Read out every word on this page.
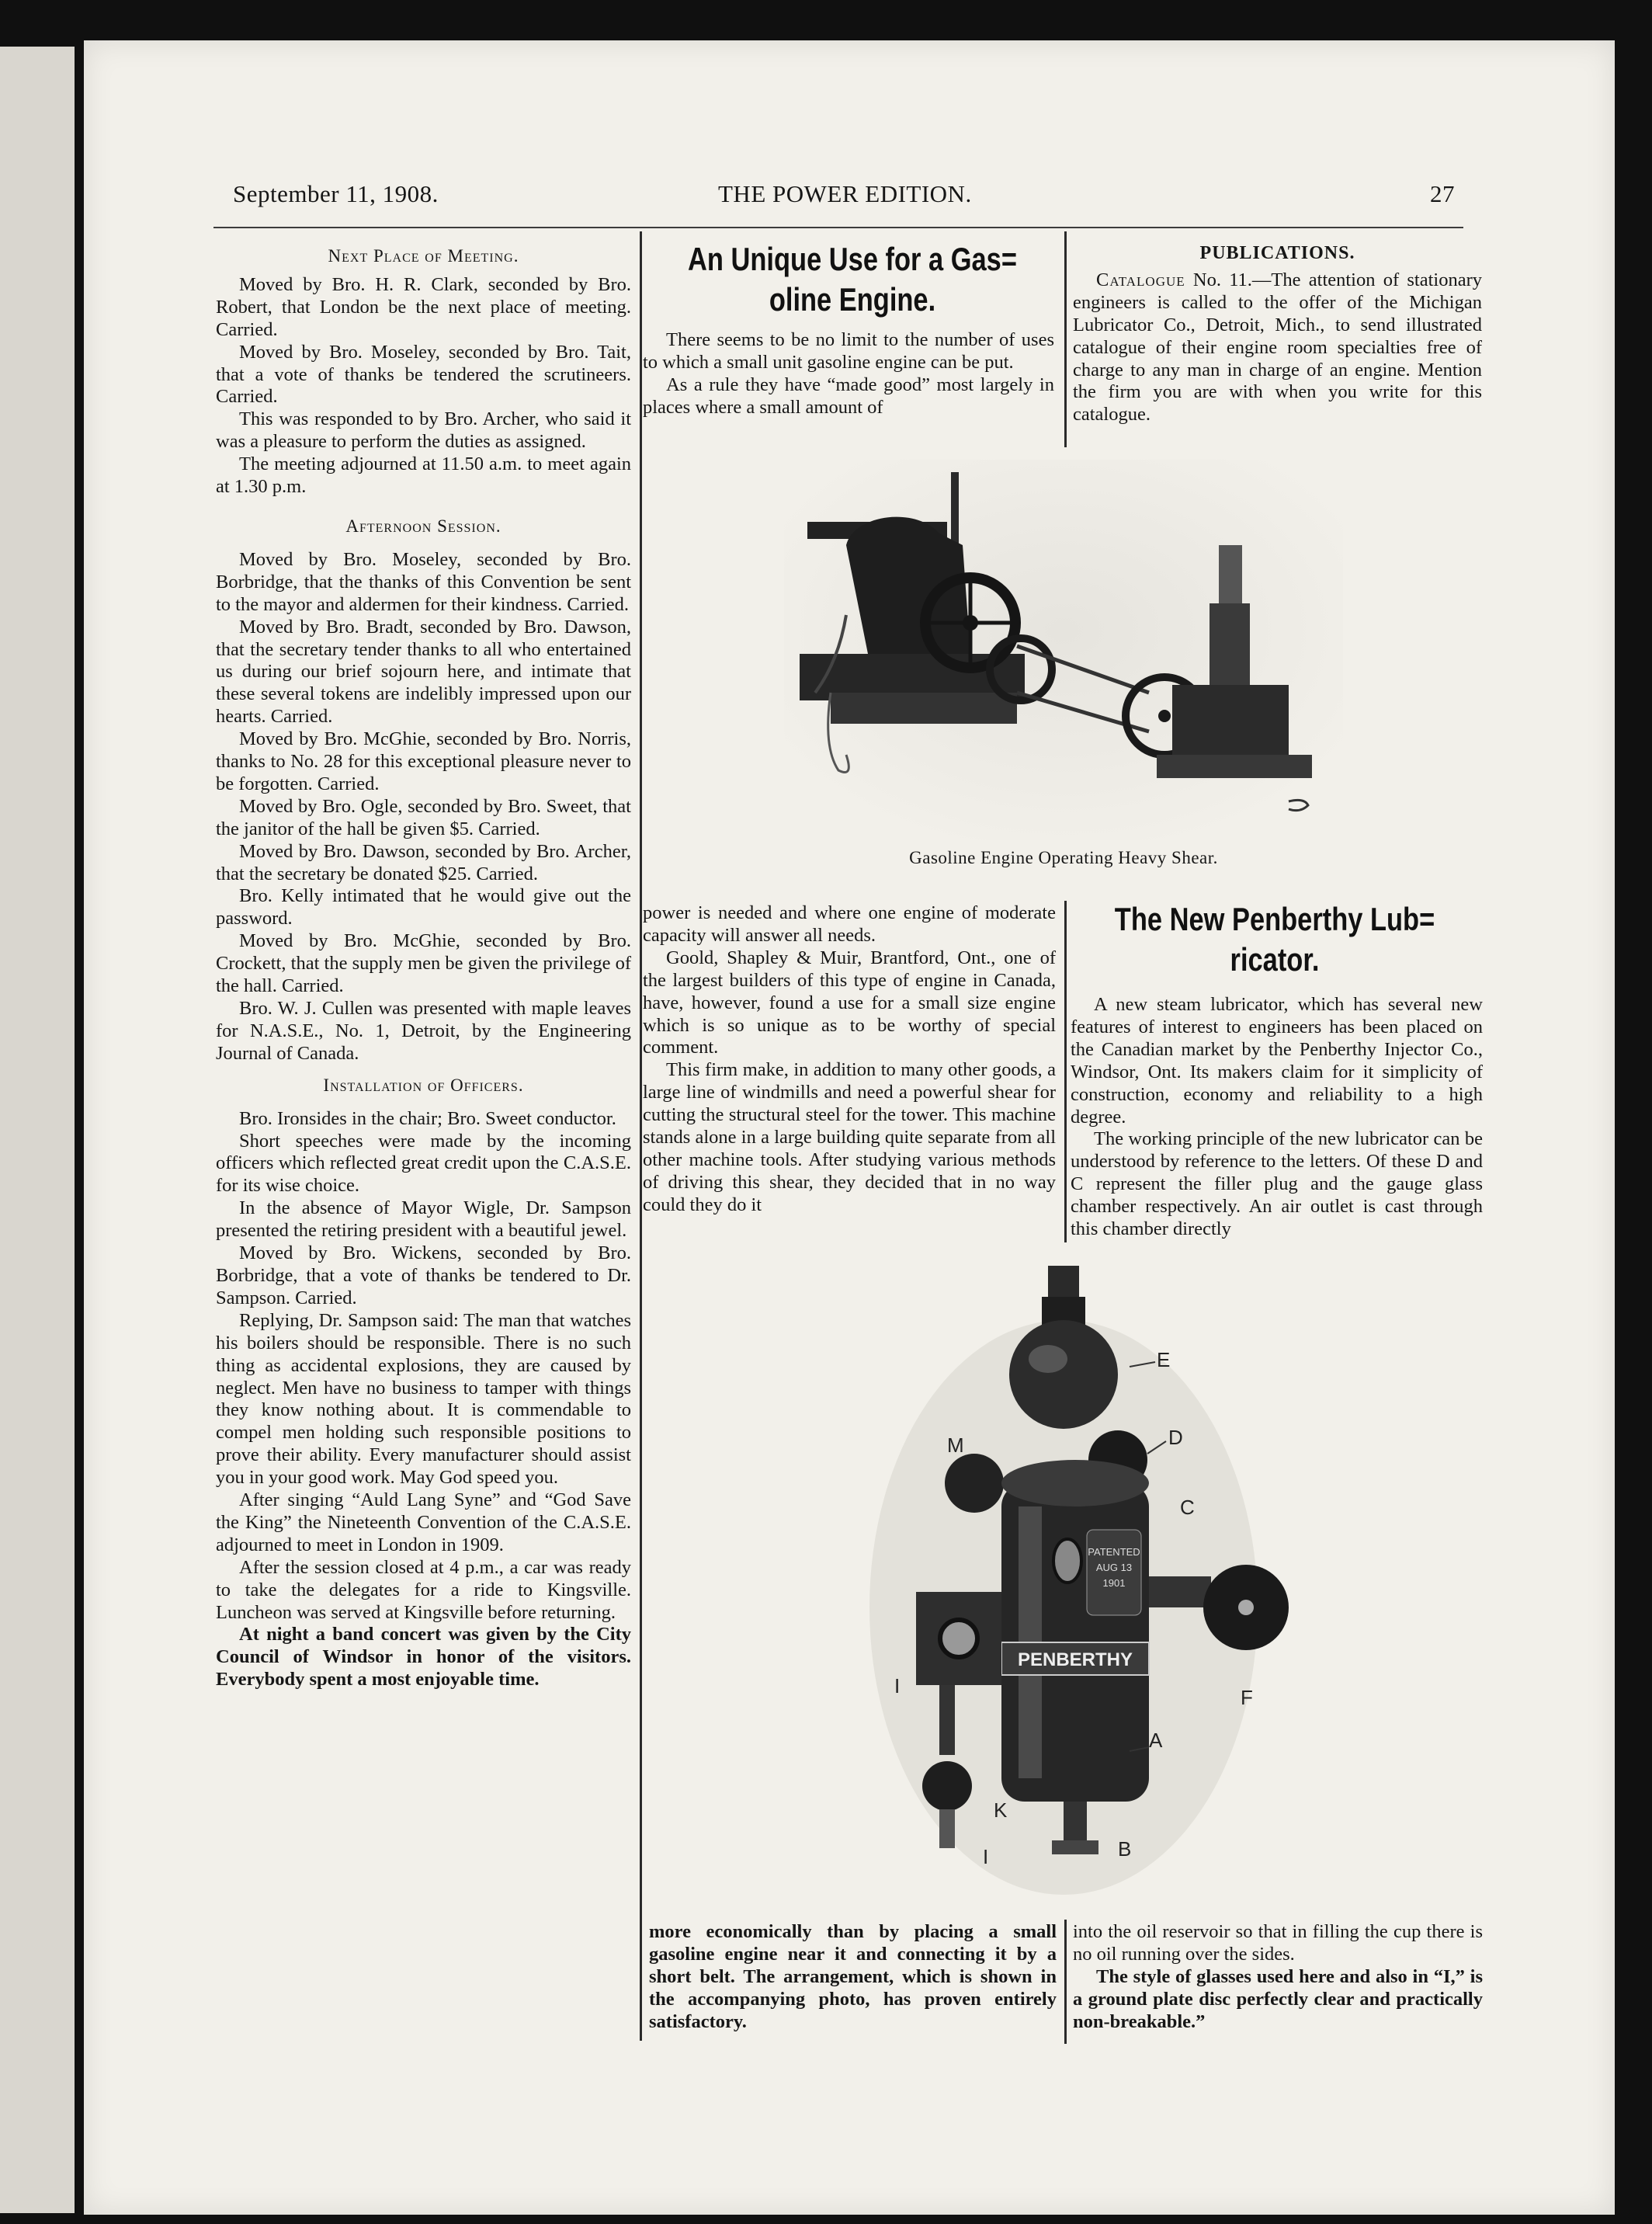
September 11, 1908.	THE POWER EDITION.	27
Next Place of Meeting.

Moved by Bro. H. R. Clark, seconded by Bro. Robert, that London be the next place of meeting. Carried.

Moved by Bro. Moseley, seconded by Bro. Tait, that a vote of thanks be tendered the scrutineers. Carried.

This was responded to by Bro. Archer, who said it was a pleasure to perform the duties as assigned.

The meeting adjourned at 11.50 a.m. to meet again at 1.30 p.m.

Afternoon Session.

Moved by Bro. Moseley, seconded by Bro. Borbridge, that the thanks of this Convention be sent to the mayor and aldermen for their kindness. Carried.

Moved by Bro. Bradt, seconded by Bro. Dawson, that the secretary tender thanks to all who entertained us during our brief sojourn here, and intimate that these several tokens are indelibly impressed upon our hearts. Carried.

Moved by Bro. McGhie, seconded by Bro. Norris, thanks to No. 28 for this exceptional pleasure never to be forgotten. Carried.

Moved by Bro. Ogle, seconded by Bro. Sweet, that the janitor of the hall be given $5. Carried.

Moved by Bro. Dawson, seconded by Bro. Archer, that the secretary be donated $25. Carried.

Bro. Kelly intimated that he would give out the password.

Moved by Bro. McGhie, seconded by Bro. Crockett, that the supply men be given the privilege of the hall. Carried.

Bro. W. J. Cullen was presented with maple leaves for N.A.S.E., No. 1, Detroit, by the Engineering Journal of Canada.

Installation of Officers.

Bro. Ironsides in the chair; Bro. Sweet conductor.

Short speeches were made by the incoming officers which reflected great credit upon the C.A.S.E. for its wise choice.

In the absence of Mayor Wigle, Dr. Sampson presented the retiring president with a beautiful jewel.

Moved by Bro. Wickens, seconded by Bro. Borbridge, that a vote of thanks be tendered to Dr. Sampson. Carried.

Replying, Dr. Sampson said: The man that watches his boilers should be responsible. There is no such thing as accidental explosions, they are caused by neglect. Men have no business to tamper with things they know nothing about. It is commendable to compel men holding such responsible positions to prove their ability. Every manufacturer should assist you in your good work. May God speed you.

After singing “Auld Lang Syne” and “God Save the King” the Nineteenth Convention of the C.A.S.E. adjourned to meet in London in 1909.

After the session closed at 4 p.m., a car was ready to take the delegates for a ride to Kingsville. Luncheon was served at Kingsville before returning.

At night a band concert was given by the City Council of Windsor in honor of the visitors. Everybody spent a most enjoyable time.

An Unique Use for a Gas=
oline Engine.

There seems to be no limit to the number of uses to which a small unit gasoline engine can be put.

As a rule they have “made good” most largely in places where a small amount of

PUBLICATIONS.

Catalogue No. 11.—The attention of stationary engineers is called to the offer of the Michigan Lubricator Co., Detroit, Mich., to send illustrated catalogue of their engine room specialties free of charge to any man in charge of an engine. Mention the firm you are with when you write for this catalogue.

Gasoline Engine Operating Heavy Shear.

power is needed and where one engine of moderate capacity will answer all needs.

Goold, Shapley & Muir, Brantford, Ont., one of the largest builders of this type of engine in Canada, have, however, found a use for a small size engine which is so unique as to be worthy of special comment.

This firm make, in addition to many other goods, a large line of windmills and need a powerful shear for cutting the structural steel for the tower. This machine stands alone in a large building quite separate from all other machine tools. After studying various methods of driving this shear, they decided that in no way could they do it

The New Penberthy Lub=
ricator.

A new steam lubricator, which has several new features of interest to engineers has been placed on the Canadian market by the Penberthy Injector Co., Windsor, Ont. Its makers claim for it simplicity of construction, economy and reliability to a high degree.

The working principle of the new lubricator can be understood by reference to the letters. Of these D and C represent the filler plug and the gauge glass chamber respectively. An air outlet is cast through this chamber directly

PATENTED
AUG 13
1901
PENBERTHY
E
M	D
C
F
A
K
I
I	B

more economically than by placing a small gasoline engine near it and connecting it by a short belt. The arrangement, which is shown in the accompanying photo, has proven entirely satisfactory.

into the oil reservoir so that in filling the cup there is no oil running over the sides.

The style of glasses used here and also in “I,” is a ground plate disc perfectly clear and practically non-breakable.”
